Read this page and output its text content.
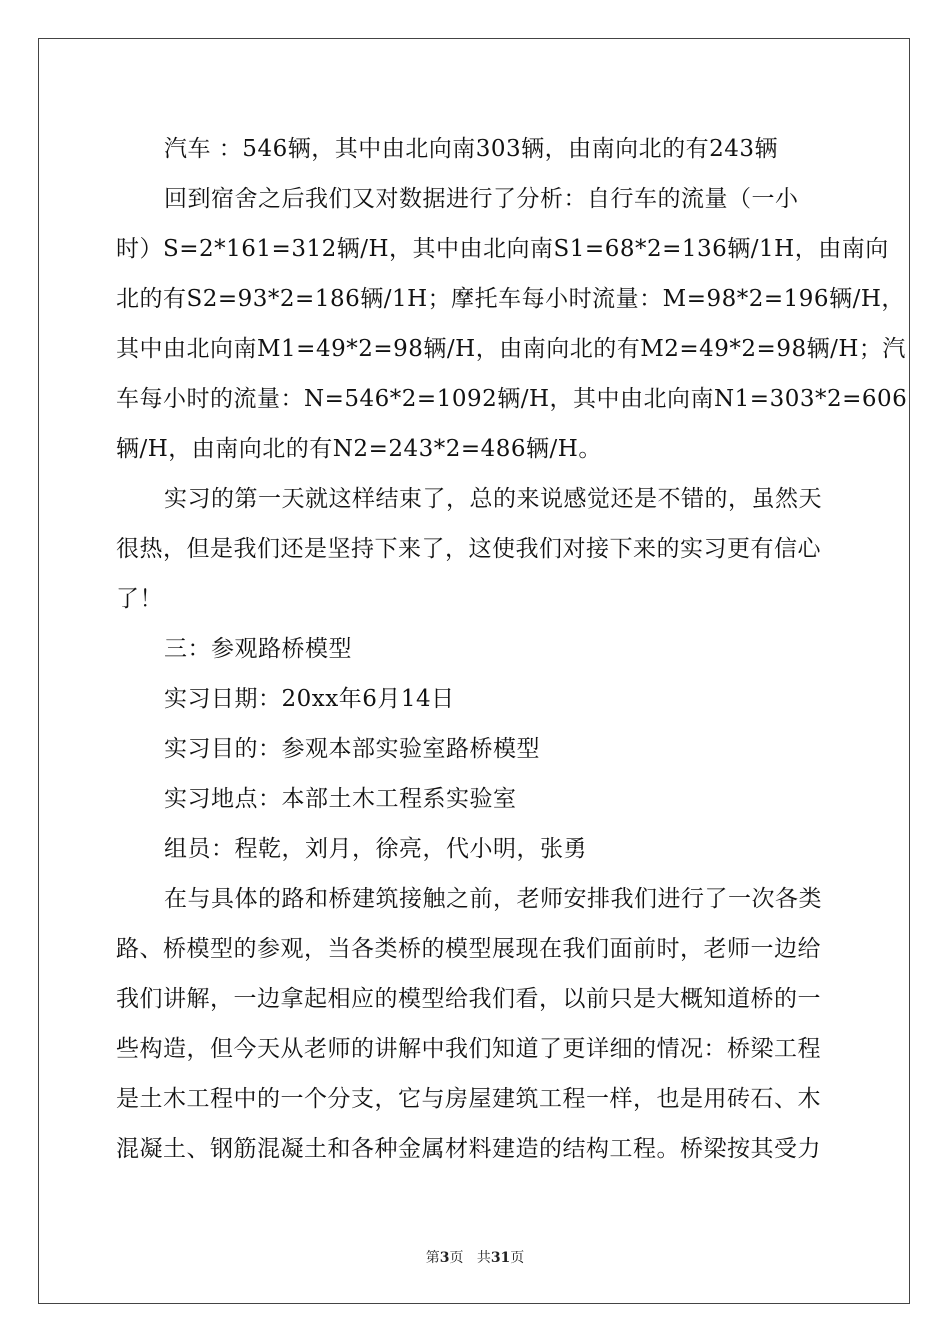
汽车 ：546辆，其中由北向南303辆，由南向北的有243辆
回到宿舍之后我们又对数据进行了分析：自行车的流量（一小
时）S=2*161=312辆/H，其中由北向南S1=68*2=136辆/1H，由南向
北的有S2=93*2=186辆/1H；摩托车每小时流量：M=98*2=196辆/H，
其中由北向南M1=49*2=98辆/H，由南向北的有M2=49*2=98辆/H；汽
车每小时的流量：N=546*2=1092辆/H，其中由北向南N1=303*2=606
辆/H，由南向北的有N2=243*2=486辆/H。
实习的第一天就这样结束了，总的来说感觉还是不错的，虽然天
很热，但是我们还是坚持下来了，这使我们对接下来的实习更有信心
了！
三：参观路桥模型
实习日期：20xx年6月14日
实习目的：参观本部实验室路桥模型
实习地点：本部土木工程系实验室
组员：程乾，刘月，徐亮，代小明，张勇
在与具体的路和桥建筑接触之前，老师安排我们进行了一次各类
路、桥模型的参观，当各类桥的模型展现在我们面前时，老师一边给
我们讲解，一边拿起相应的模型给我们看，以前只是大概知道桥的一
些构造，但今天从老师的讲解中我们知道了更详细的情况：桥梁工程
是土木工程中的一个分支，它与房屋建筑工程一样，也是用砖石、木
混凝土、钢筋混凝土和各种金属材料建造的结构工程。桥梁按其受力
第3页 共31页
